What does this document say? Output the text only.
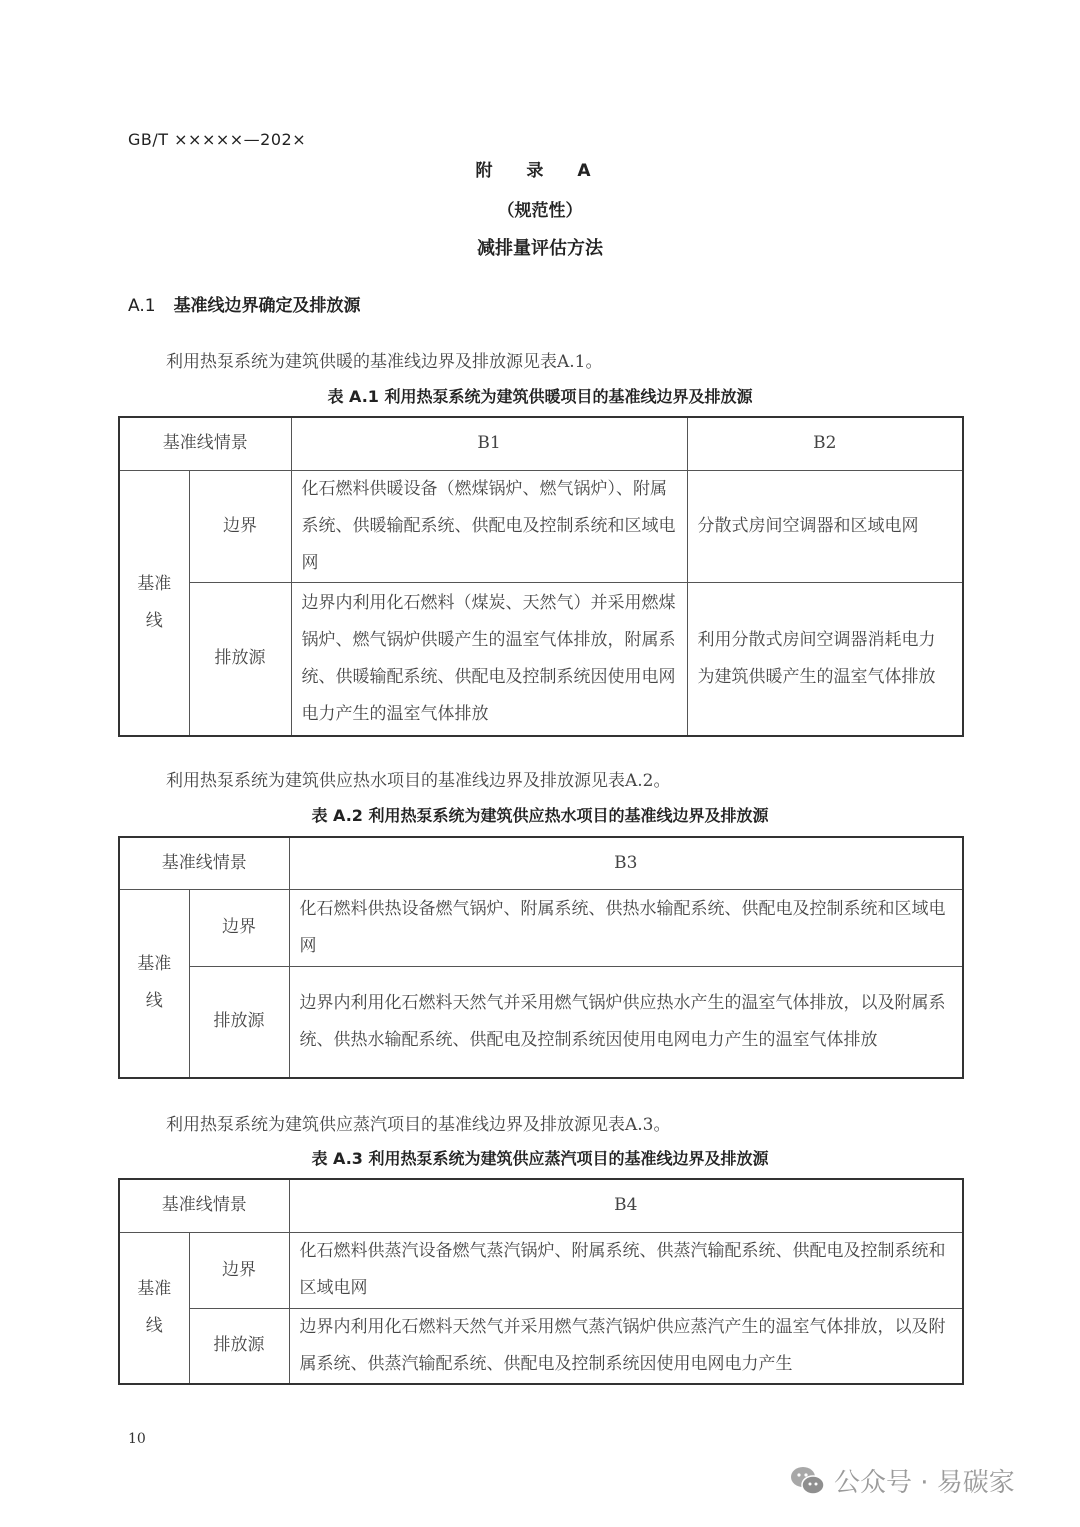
GB/T ×××××—202×
附 录 A
（规范性）
减排量评估方法
A.1 基准线边界确定及排放源
利用热泵系统为建筑供暖的基准线边界及排放源见表A.1。
表 A.1 利用热泵系统为建筑供暖项目的基准线边界及排放源
基准线情景		B1	B2
基准
线	边界	化石燃料供暖设备（燃煤锅炉、燃气锅炉）、附属系统、供暖输配系统、供配电及控制系统和区域电网	分散式房间空调器和区域电网
	排放源	边界内利用化石燃料（煤炭、天然气）并采用燃煤锅炉、燃气锅炉供暖产生的温室气体排放，附属系统、供暖输配系统、供配电及控制系统因使用电网电力产生的温室气体排放	利用分散式房间空调器消耗电力为建筑供暖产生的温室气体排放
利用热泵系统为建筑供应热水项目的基准线边界及排放源见表A.2。
表 A.2 利用热泵系统为建筑供应热水项目的基准线边界及排放源
基准线情景		B3
基准
线	边界	化石燃料供热设备燃气锅炉、附属系统、供热水输配系统、供配电及控制系统和区域电网
	排放源	边界内利用化石燃料天然气并采用燃气锅炉供应热水产生的温室气体排放，以及附属系统、供热水输配系统、供配电及控制系统因使用电网电力产生的温室气体排放
利用热泵系统为建筑供应蒸汽项目的基准线边界及排放源见表A.3。
表 A.3 利用热泵系统为建筑供应蒸汽项目的基准线边界及排放源
基准线情景		B4
基准
线	边界	化石燃料供蒸汽设备燃气蒸汽锅炉、附属系统、供蒸汽输配系统、供配电及控制系统和区域电网
	排放源	边界内利用化石燃料天然气并采用燃气蒸汽锅炉供应蒸汽产生的温室气体排放，以及附属系统、供蒸汽输配系统、供配电及控制系统因使用电网电力产生
10
公众号 · 易碳家
